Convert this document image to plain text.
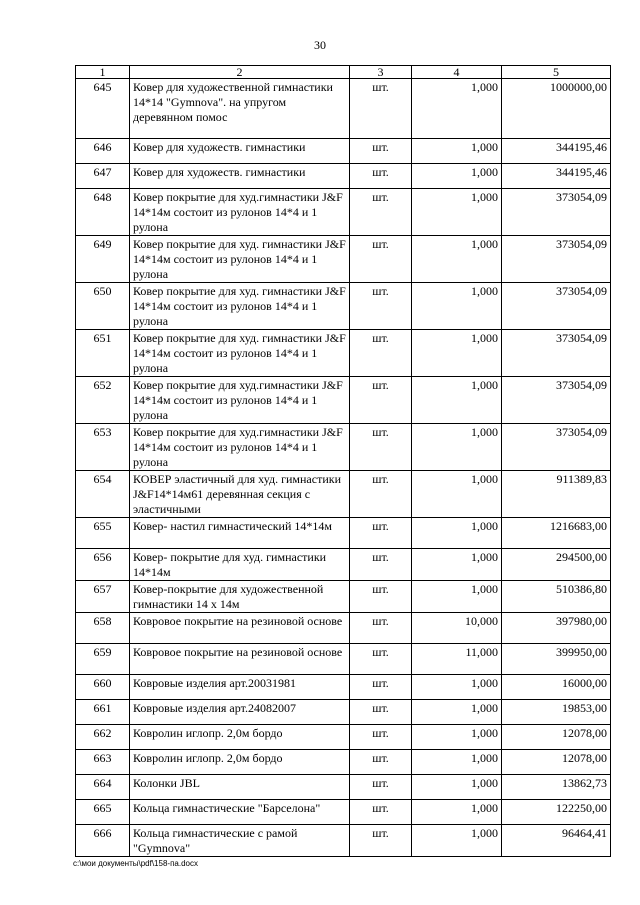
30
1	2	3	4	5
645	Ковер для художественной гимнастики 14*14 "Gymnova". на упругом деревянном помос	шт.	1,000	1000000,00
646	Ковер для художеств. гимнастики	шт.	1,000	344195,46
647	Ковер для художеств. гимнастики	шт.	1,000	344195,46
648	Ковер покрытие для худ.гимнастики J&F 14*14м состоит из рулонов 14*4 и 1 рулона	шт.	1,000	373054,09
649	Ковер покрытие для худ. гимнастики J&F 14*14м состоит из рулонов 14*4 и 1 рулона	шт.	1,000	373054,09
650	Ковер покрытие для худ. гимнастики J&F 14*14м состоит из рулонов 14*4 и 1 рулона	шт.	1,000	373054,09
651	Ковер покрытие для худ. гимнастики J&F 14*14м состоит из рулонов 14*4 и 1 рулона	шт.	1,000	373054,09
652	Ковер покрытие для худ.гимнастики J&F 14*14м состоит из рулонов 14*4 и 1 рулона	шт.	1,000	373054,09
653	Ковер покрытие для худ.гимнастики J&F 14*14м состоит из рулонов 14*4 и 1 рулона	шт.	1,000	373054,09
654	КОВЕР эластичный для худ. гимнастики J&F14*14м61 деревянная секция с эластичными	шт.	1,000	911389,83
655	Ковер- настил гимнастический 14*14м	шт.	1,000	1216683,00
656	Ковер- покрытие для худ. гимнастики 14*14м	шт.	1,000	294500,00
657	Ковер-покрытие для художественной гимнастики 14 х 14м	шт.	1,000	510386,80
658	Ковровое покрытие на резиновой основе	шт.	10,000	397980,00
659	Ковровое покрытие на резиновой основе	шт.	11,000	399950,00
660	Ковровые изделия арт.20031981	шт.	1,000	16000,00
661	Ковровые изделия арт.24082007	шт.	1,000	19853,00
662	Ковролин иглопр. 2,0м бордо	шт.	1,000	12078,00
663	Ковролин иглопр. 2,0м бордо	шт.	1,000	12078,00
664	Колонки JBL	шт.	1,000	13862,73
665	Кольца гимнастические "Барселона"	шт.	1,000	122250,00
666	Кольца гимнастические с рамой "Gymnova"	шт.	1,000	96464,41
c:\мои документы\pdf\158-па.docx
